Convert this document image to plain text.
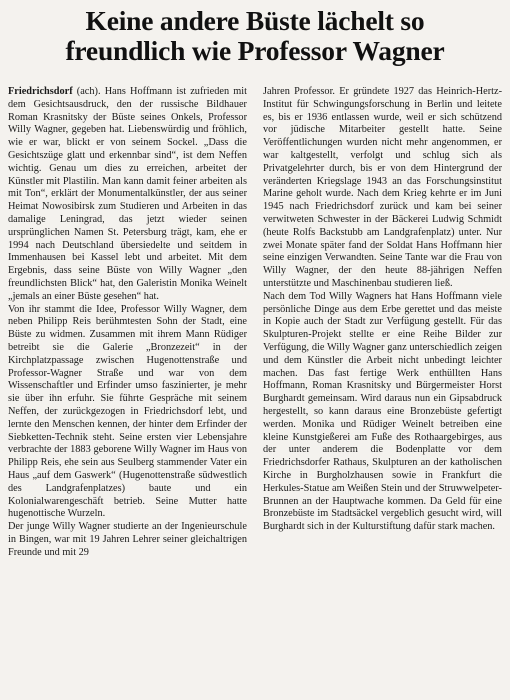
Keine andere Büste lächelt so
freundlich wie Professor Wagner

Friedrichsdorf (ach). Hans Hoffmann ist zufrieden mit dem Gesichtsausdruck, den der russische Bildhauer Roman Krasnitsky der Büste seines Onkels, Professor Willy Wagner, gegeben hat. Liebenswürdig und fröhlich, wie er war, blickt er von seinem Sockel. „Dass die Gesichtszüge glatt und erkennbar sind“, ist dem Neffen wichtig. Genau um dies zu erreichen, arbeitet der Künstler mit Plastilin. Man kann damit feiner arbeiten als mit Ton“, erklärt der Monumentalkünstler, der aus seiner Heimat Nowosibirsk zum Studieren und Arbeiten in das damalige Leningrad, das jetzt wieder seinen ursprünglichen Namen St. Petersburg trägt, kam, ehe er 1994 nach Deutschland übersiedelte und seitdem in Immenhausen bei Kassel lebt und arbeitet. Mit dem Ergebnis, dass seine Büste von Willy Wagner „den freundlichsten Blick“ hat, den Galeristin Monika Weinelt „jemals an einer Büste gesehen“ hat.

Von ihr stammt die Idee, Professor Willy Wagner, dem neben Philipp Reis berühmtesten Sohn der Stadt, eine Büste zu widmen. Zusammen mit ihrem Mann Rüdiger betreibt sie die Galerie „Bronzezeit“ in der Kirchplatzpassage zwischen Hugenottenstraße und Professor-Wagner Straße und war von dem Wissenschaftler und Erfinder umso faszinierter, je mehr sie über ihn erfuhr. Sie führte Gespräche mit seinem Neffen, der zurückgezogen in Friedrichsdorf lebt, und lernte den Menschen kennen, der hinter dem Erfinder der Siebketten-Technik steht. Seine ersten vier Lebensjahre verbrachte der 1883 geborene Willy Wagner im Haus von Philipp Reis, ehe sein aus Seulberg stammender Vater ein Haus „auf dem Gaswerk“ (Hugenottenstraße südwestlich des Landgrafenplatzes) baute und ein Kolonialwarengeschäft betrieb. Seine Mutter hatte hugenottische Wurzeln.

Der junge Willy Wagner studierte an der Ingenieurschule in Bingen, war mit 19 Jahren Lehrer seiner gleichaltrigen Freunde und mit 29

Jahren Professor. Er gründete 1927 das Heinrich-Hertz-Institut für Schwingungsforschung in Berlin und leitete es, bis er 1936 entlassen wurde, weil er sich schützend vor jüdische Mitarbeiter gestellt hatte. Seine Veröffentlichungen wurden nicht mehr angenommen, er war kaltgestellt, verfolgt und schlug sich als Privatgelehrter durch, bis er von dem Hintergrund der veränderten Kriegslage 1943 an das Forschungsinstitut Marine geholt wurde. Nach dem Krieg kehrte er im Juni 1945 nach Friedrichsdorf zurück und kam bei seiner verwitweten Schwester in der Bäckerei Ludwig Schmidt (heute Rolfs Backstubb am Landgrafenplatz) unter. Nur zwei Monate später fand der Soldat Hans Hoffmann hier seine einzigen Verwandten. Seine Tante war die Frau von Willy Wagner, der den heute 88-jährigen Neffen unterstützte und Maschinenbau studieren ließ.

Nach dem Tod Willy Wagners hat Hans Hoffmann viele persönliche Dinge aus dem Erbe gerettet und das meiste in Kopie auch der Stadt zur Verfügung gestellt. Für das Skulpturen-Projekt stellte er eine Reihe Bilder zur Verfügung, die Willy Wagner ganz unterschiedlich zeigen und dem Künstler die Arbeit nicht unbedingt leichter machen. Das fast fertige Werk enthüllten Hans Hoffmann, Roman Krasnitsky und Bürgermeister Horst Burghardt gemeinsam. Wird daraus nun ein Gipsabdruck hergestellt, so kann daraus eine Bronzebüste gefertigt werden. Monika und Rüdiger Weinelt betreiben eine kleine Kunstgießerei am Fuße des Rothaargebirges, aus der unter anderem die Bodenplatte vor dem Friedrichsdorfer Rathaus, Skulpturen an der katholischen Kirche in Burgholzhausen sowie in Frankfurt die Herkules-Statue am Weißen Stein und der Struwwelpeter-Brunnen an der Hauptwache kommen. Da Geld für eine Bronzebüste im Stadtsäckel vergeblich gesucht wird, will Burghardt sich in der Kulturstiftung dafür stark machen.
